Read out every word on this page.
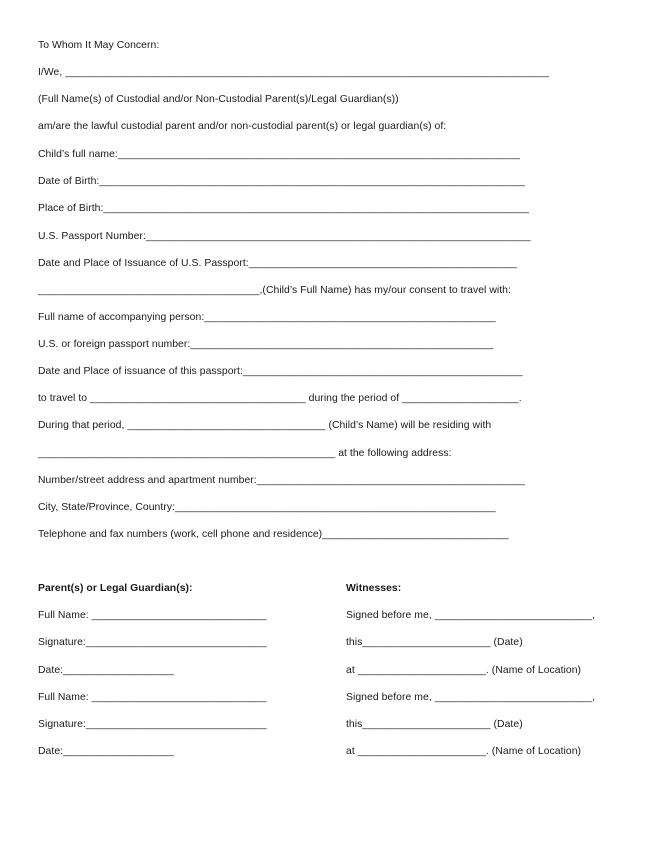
To Whom It May Concern:
I/We, ___________________________________________________________________________________
(Full Name(s) of Custodial and/or Non-Custodial Parent(s)/Legal Guardian(s))
am/are the lawful custodial parent and/or non-custodial parent(s) or legal guardian(s) of:
Child’s full name:_____________________________________________________________________
Date of Birth:_________________________________________________________________________
Place of Birth:_________________________________________________________________________
U.S. Passport Number:__________________________________________________________________
Date and Place of Issuance of U.S. Passport:______________________________________________
______________________________________,(Child’s Full Name) has my/our consent to travel with:
Full name of accompanying person:__________________________________________________
U.S. or foreign passport number:____________________________________________________
Date and Place of issuance of this passport:________________________________________________
to travel to _____________________________________ during the period of ____________________.
During that period, __________________________________ (Child’s Name) will be residing with
___________________________________________________ at the following address:
Number/street address and apartment number:______________________________________________
City, State/Province, Country:_______________________________________________________
Telephone and fax numbers (work, cell phone and residence)________________________________
Parent(s) or Legal Guardian(s):
Full Name: ______________________________
Signature:_______________________________
Date:___________________
Full Name: ______________________________
Signature:_______________________________
Date:___________________
Witnesses:
Signed before me, ___________________________,
this______________________ (Date)
at ______________________. (Name of Location)
Signed before me, ___________________________,
this______________________ (Date)
at ______________________. (Name of Location)
